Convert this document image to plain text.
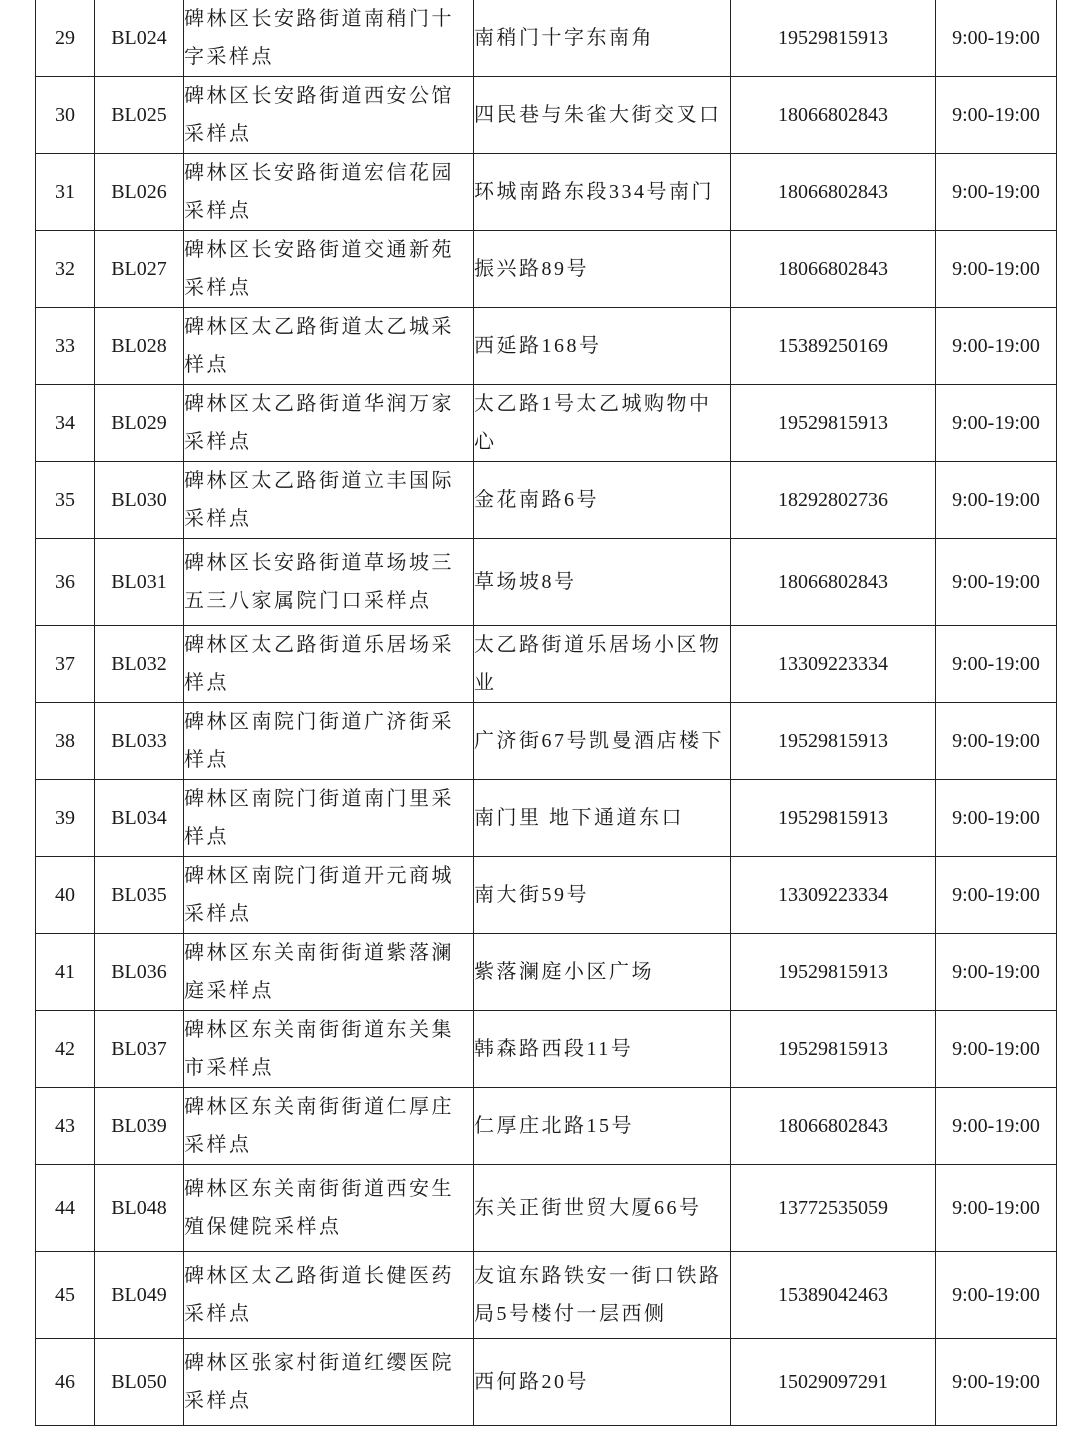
29	BL024	碑林区长安路街道南稍门十字采样点	南稍门十字东南角	19529815913	9:00-19:00
30	BL025	碑林区长安路街道西安公馆采样点	四民巷与朱雀大街交叉口	18066802843	9:00-19:00
31	BL026	碑林区长安路街道宏信花园采样点	环城南路东段334号南门	18066802843	9:00-19:00
32	BL027	碑林区长安路街道交通新苑采样点	振兴路89号	18066802843	9:00-19:00
33	BL028	碑林区太乙路街道太乙城采样点	西延路168号	15389250169	9:00-19:00
34	BL029	碑林区太乙路街道华润万家采样点	太乙路1号太乙城购物中心	19529815913	9:00-19:00
35	BL030	碑林区太乙路街道立丰国际采样点	金花南路6号	18292802736	9:00-19:00
36	BL031	碑林区长安路街道草场坡三五三八家属院门口采样点	草场坡8号	18066802843	9:00-19:00
37	BL032	碑林区太乙路街道乐居场采样点	太乙路街道乐居场小区物业	13309223334	9:00-19:00
38	BL033	碑林区南院门街道广济街采样点	广济街67号凯曼酒店楼下	19529815913	9:00-19:00
39	BL034	碑林区南院门街道南门里采样点	南门里 地下通道东口	19529815913	9:00-19:00
40	BL035	碑林区南院门街道开元商城采样点	南大街59号	13309223334	9:00-19:00
41	BL036	碑林区东关南街街道紫落澜庭采样点	紫落澜庭小区广场	19529815913	9:00-19:00
42	BL037	碑林区东关南街街道东关集市采样点	韩森路西段11号	19529815913	9:00-19:00
43	BL039	碑林区东关南街街道仁厚庄采样点	仁厚庄北路15号	18066802843	9:00-19:00
44	BL048	碑林区东关南街街道西安生殖保健院采样点	东关正街世贸大厦66号	13772535059	9:00-19:00
45	BL049	碑林区太乙路街道长健医药采样点	友谊东路铁安一街口铁路局5号楼付一层西侧	15389042463	9:00-19:00
46	BL050	碑林区张家村街道红缨医院采样点	西何路20号	15029097291	9:00-19:00
